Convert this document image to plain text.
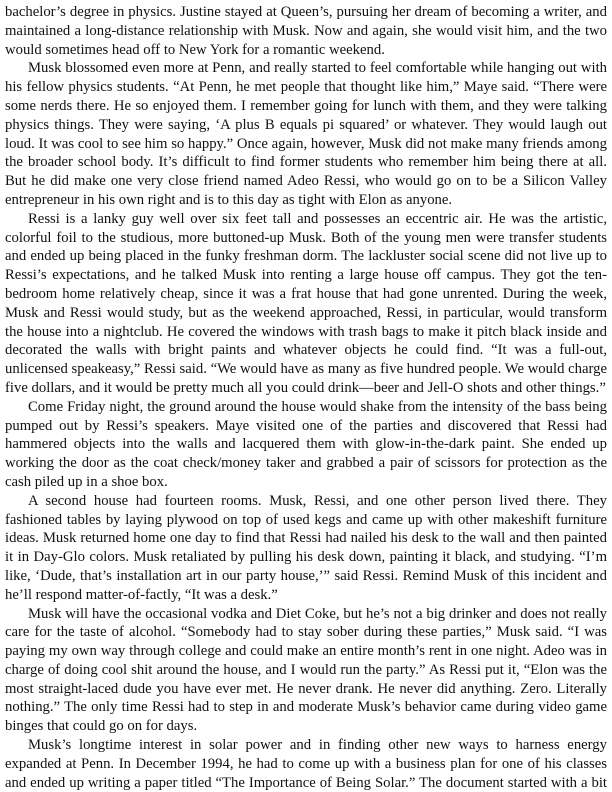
bachelor’s degree in physics. Justine stayed at Queen’s, pursuing her dream of becoming a writer, and maintained a long-distance relationship with Musk. Now and again, she would visit him, and the two would sometimes head off to New York for a romantic weekend.

Musk blossomed even more at Penn, and really started to feel comfortable while hanging out with his fellow physics students. “At Penn, he met people that thought like him,” Maye said. “There were some nerds there. He so enjoyed them. I remember going for lunch with them, and they were talking physics things. They were saying, ‘A plus B equals pi squared’ or whatever. They would laugh out loud. It was cool to see him so happy.” Once again, however, Musk did not make many friends among the broader school body. It’s difficult to find former students who remember him being there at all. But he did make one very close friend named Adeo Ressi, who would go on to be a Silicon Valley entrepreneur in his own right and is to this day as tight with Elon as anyone.

Ressi is a lanky guy well over six feet tall and possesses an eccentric air. He was the artistic, colorful foil to the studious, more buttoned-up Musk. Both of the young men were transfer students and ended up being placed in the funky freshman dorm. The lackluster social scene did not live up to Ressi’s expectations, and he talked Musk into renting a large house off campus. They got the ten-bedroom home relatively cheap, since it was a frat house that had gone unrented. During the week, Musk and Ressi would study, but as the weekend approached, Ressi, in particular, would transform the house into a nightclub. He covered the windows with trash bags to make it pitch black inside and decorated the walls with bright paints and whatever objects he could find. “It was a full-out, unlicensed speakeasy,” Ressi said. “We would have as many as five hundred people. We would charge five dollars, and it would be pretty much all you could drink—beer and Jell-O shots and other things.”

Come Friday night, the ground around the house would shake from the intensity of the bass being pumped out by Ressi’s speakers. Maye visited one of the parties and discovered that Ressi had hammered objects into the walls and lacquered them with glow-in-the-dark paint. She ended up working the door as the coat check/money taker and grabbed a pair of scissors for protection as the cash piled up in a shoe box.

A second house had fourteen rooms. Musk, Ressi, and one other person lived there. They fashioned tables by laying plywood on top of used kegs and came up with other makeshift furniture ideas. Musk returned home one day to find that Ressi had nailed his desk to the wall and then painted it in Day-Glo colors. Musk retaliated by pulling his desk down, painting it black, and studying. “I’m like, ‘Dude, that’s installation art in our party house,’” said Ressi. Remind Musk of this incident and he’ll respond matter-of-factly, “It was a desk.”

Musk will have the occasional vodka and Diet Coke, but he’s not a big drinker and does not really care for the taste of alcohol. “Somebody had to stay sober during these parties,” Musk said. “I was paying my own way through college and could make an entire month’s rent in one night. Adeo was in charge of doing cool shit around the house, and I would run the party.” As Ressi put it, “Elon was the most straight-laced dude you have ever met. He never drank. He never did anything. Zero. Literally nothing.” The only time Ressi had to step in and moderate Musk’s behavior came during video game binges that could go on for days.

Musk’s longtime interest in solar power and in finding other new ways to harness energy expanded at Penn. In December 1994, he had to come up with a business plan for one of his classes and ended up writing a paper titled “The Importance of Being Solar.” The document started with a bit
